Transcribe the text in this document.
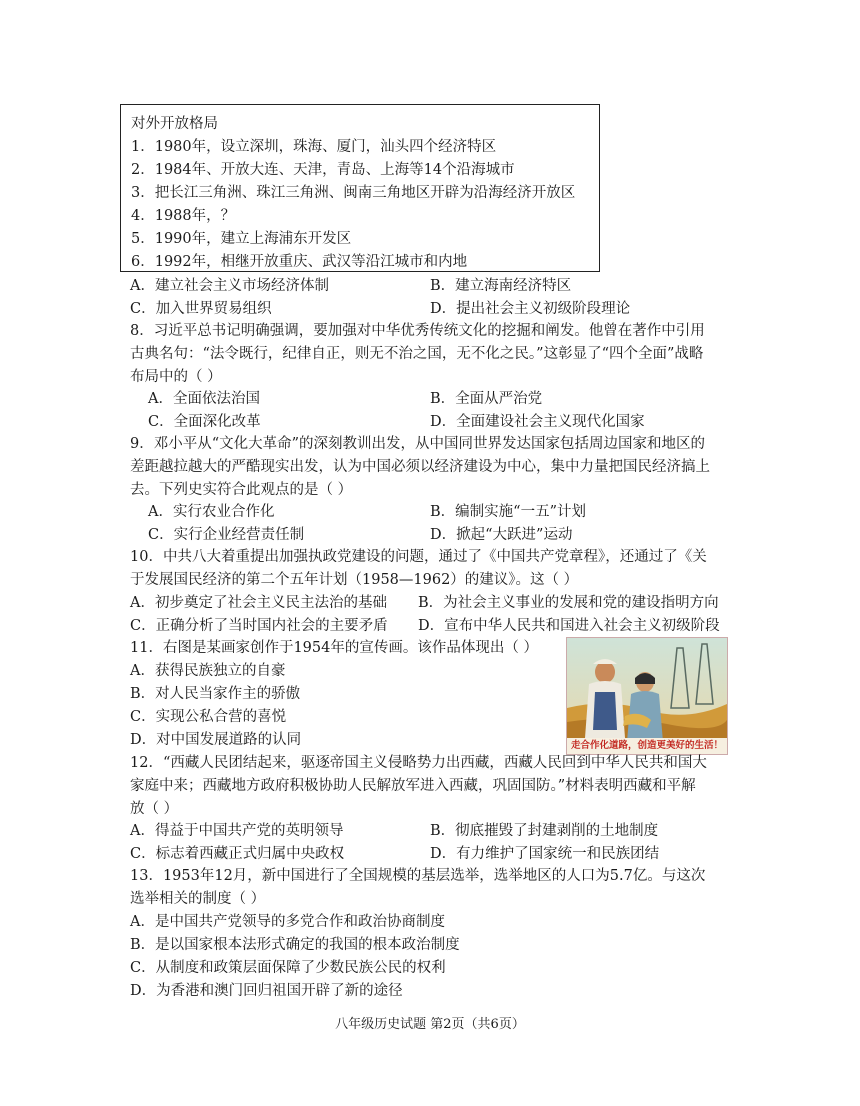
对外开放格局
1．1980年，设立深圳，珠海、厦门，汕头四个经济特区
2．1984年、开放大连、天津，青岛、上海等14个沿海城市
3．把长江三角洲、珠江三角洲、闽南三角地区开辟为沿海经济开放区
4．1988年，？
5．1990年，建立上海浦东开发区
6．1992年，相继开放重庆、武汉等沿江城市和内地
A．建立社会主义市场经济体制	B．建立海南经济特区
C．加入世界贸易组织	D．提出社会主义初级阶段理论
8．习近平总书记明确强调，要加强对中华优秀传统文化的挖掘和阐发。他曾在著作中引用
古典名句：“法令既行，纪律自正，则无不治之国，无不化之民。”这彰显了“四个全面”战略
布局中的（ ）
A．全面依法治国	B．全面从严治党
C．全面深化改革	D．全面建设社会主义现代化国家
9．邓小平从“文化大革命”的深刻教训出发，从中国同世界发达国家包括周边国家和地区的
差距越拉越大的严酷现实出发，认为中国必须以经济建设为中心，集中力量把国民经济搞上
去。下列史实符合此观点的是（ ）
A．实行农业合作化	B．编制实施“一五”计划
C．实行企业经营责任制	D．掀起“大跃进”运动
10．中共八大着重提出加强执政党建设的问题，通过了《中国共产党章程》，还通过了《关
于发展国民经济的第二个五年计划（1958—1962）的建议》。这（ ）
A．初步奠定了社会主义民主法治的基础 B．为社会主义事业的发展和党的建设指明方向
C．正确分析了当时国内社会的主要矛盾 D．宣布中华人民共和国进入社会主义初级阶段
11．右图是某画家创作于1954年的宣传画。该作品体现出（ ）
A．获得民族独立的自豪
B．对人民当家作主的骄傲
C．实现公私合营的喜悦
D．对中国发展道路的认同	走合作化道路，创造更美好的生活！
12．“西藏人民团结起来，驱逐帝国主义侵略势力出西藏，西藏人民回到中华人民共和国大
家庭中来；西藏地方政府积极协助人民解放军进入西藏，巩固国防。”材料表明西藏和平解
放（ ）
A．得益于中国共产党的英明领导	B．彻底摧毁了封建剥削的土地制度
C．标志着西藏正式归属中央政权	D．有力维护了国家统一和民族团结
13．1953年12月，新中国进行了全国规模的基层选举，选举地区的人口为5.7亿。与这次
选举相关的制度（ ）
A．是中国共产党领导的多党合作和政治协商制度
B．是以国家根本法形式确定的我国的根本政治制度
C．从制度和政策层面保障了少数民族公民的权利
D．为香港和澳门回归祖国开辟了新的途径
八年级历史试题 第2页（共6页）
